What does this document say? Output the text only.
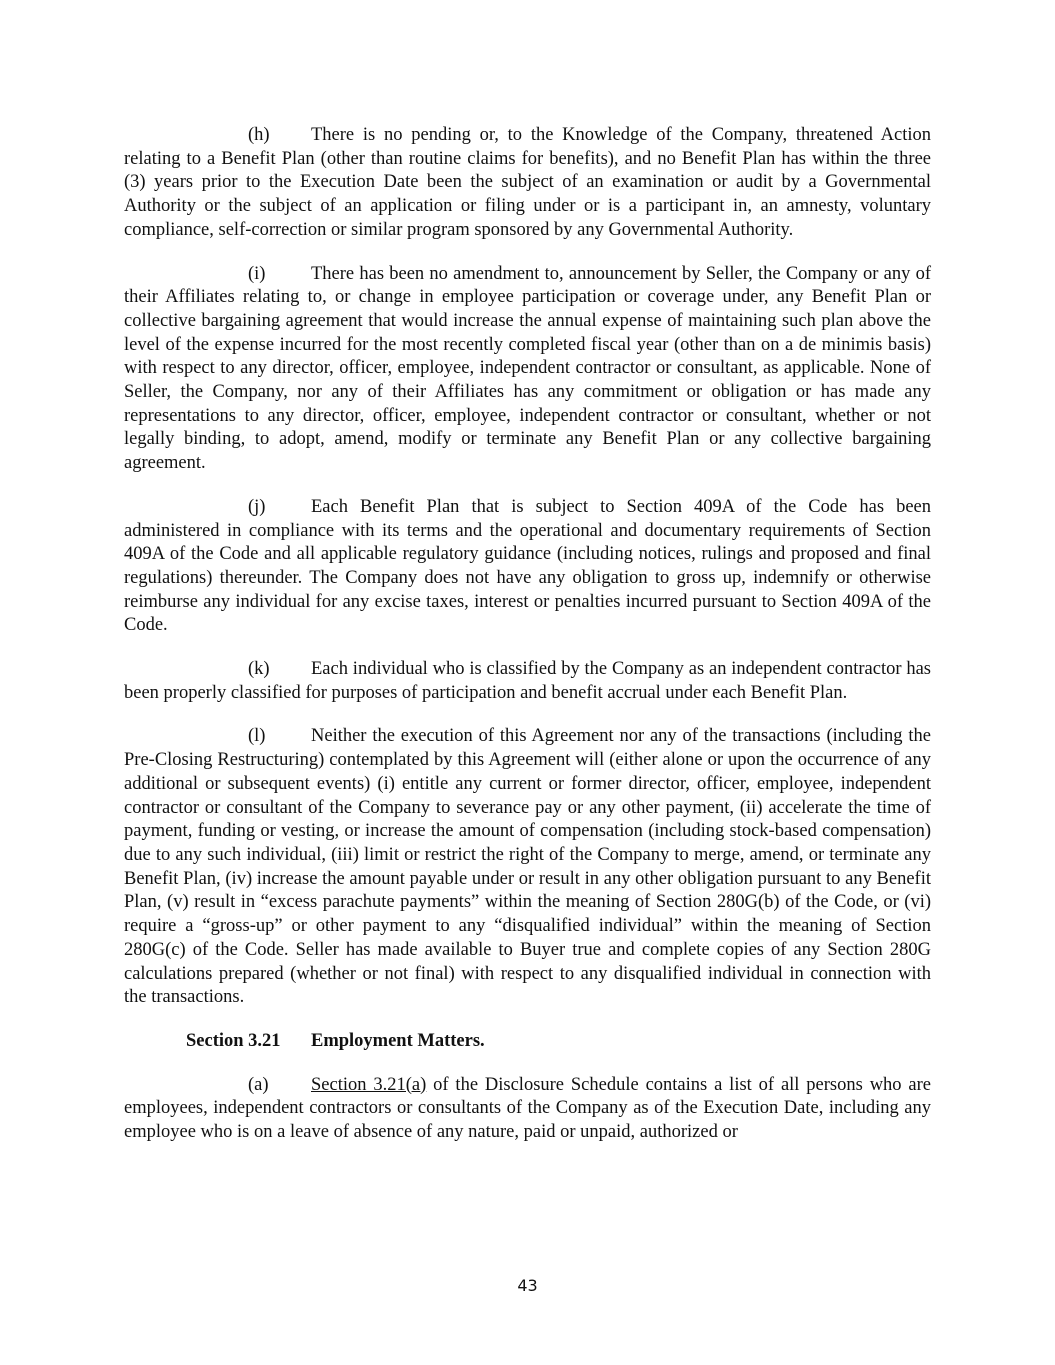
(h) There is no pending or, to the Knowledge of the Company, threatened Action relating to a Benefit Plan (other than routine claims for benefits), and no Benefit Plan has within the three (3) years prior to the Execution Date been the subject of an examination or audit by a Governmental Authority or the subject of an application or filing under or is a participant in, an amnesty, voluntary compliance, self-correction or similar program sponsored by any Governmental Authority.

(i) There has been no amendment to, announcement by Seller, the Company or any of their Affiliates relating to, or change in employee participation or coverage under, any Benefit Plan or collective bargaining agreement that would increase the annual expense of maintaining such plan above the level of the expense incurred for the most recently completed fiscal year (other than on a de minimis basis) with respect to any director, officer, employee, independent contractor or consultant, as applicable. None of Seller, the Company, nor any of their Affiliates has any commitment or obligation or has made any representations to any director, officer, employee, independent contractor or consultant, whether or not legally binding, to adopt, amend, modify or terminate any Benefit Plan or any collective bargaining agreement.

(j) Each Benefit Plan that is subject to Section 409A of the Code has been administered in compliance with its terms and the operational and documentary requirements of Section 409A of the Code and all applicable regulatory guidance (including notices, rulings and proposed and final regulations) thereunder. The Company does not have any obligation to gross up, indemnify or otherwise reimburse any individual for any excise taxes, interest or penalties incurred pursuant to Section 409A of the Code.

(k) Each individual who is classified by the Company as an independent contractor has been properly classified for purposes of participation and benefit accrual under each Benefit Plan.

(l) Neither the execution of this Agreement nor any of the transactions (including the Pre-Closing Restructuring) contemplated by this Agreement will (either alone or upon the occurrence of any additional or subsequent events) (i) entitle any current or former director, officer, employee, independent contractor or consultant of the Company to severance pay or any other payment, (ii) accelerate the time of payment, funding or vesting, or increase the amount of compensation (including stock-based compensation) due to any such individual, (iii) limit or restrict the right of the Company to merge, amend, or terminate any Benefit Plan, (iv) increase the amount payable under or result in any other obligation pursuant to any Benefit Plan, (v) result in “excess parachute payments” within the meaning of Section 280G(b) of the Code, or (vi) require a “gross-up” or other payment to any “disqualified individual” within the meaning of Section 280G(c) of the Code. Seller has made available to Buyer true and complete copies of any Section 280G calculations prepared (whether or not final) with respect to any disqualified individual in connection with the transactions.

Section 3.21 Employment Matters.

(a) Section 3.21(a) of the Disclosure Schedule contains a list of all persons who are employees, independent contractors or consultants of the Company as of the Execution Date, including any employee who is on a leave of absence of any nature, paid or unpaid, authorized or

43
